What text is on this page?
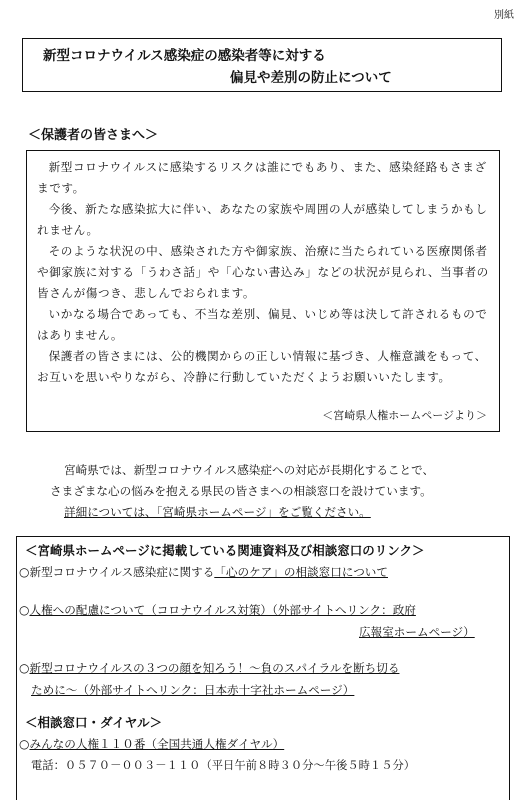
別紙
新型コロナウイルス感染症の感染者等に対する
偏見や差別の防止について
＜保護者の皆さまへ＞

新型コロナウイルスに感染するリスクは誰にでもあり、また、感染経路もさまざまです。

今後、新たな感染拡大に伴い、あなたの家族や周囲の人が感染してしまうかもしれません。

そのような状況の中、感染された方や御家族、治療に当たられている医療関係者や御家族に対する「うわさ話」や「心ない書込み」などの状況が見られ、当事者の皆さんが傷つき、悲しんでおられます。

いかなる場合であっても、不当な差別、偏見、いじめ等は決して許されるものではありません。

保護者の皆さまには、公的機関からの正しい情報に基づき、人権意識をもって、お互いを思いやりながら、冷静に行動していただくようお願いいたします。

＜宮崎県人権ホームページより＞
宮崎県では、新型コロナウイルス感染症への対応が長期化することで、
さまざまな心の悩みを抱える県民の皆さまへの相談窓口を設けています。
詳細については、「宮崎県ホームページ」をご覧ください。
＜宮崎県ホームページに掲載している関連資料及び相談窓口のリンク＞
○新型コロナウイルス感染症に関する「心のケア」の相談窓口について
○人権への配慮について（コロナウイルス対策）（外部サイトへリンク：政府
広報室ホームページ）
○新型コロナウイルスの３つの顔を知ろう！～負のスパイラルを断ち切る
ために～（外部サイトへリンク：日本赤十字社ホームページ）
＜相談窓口・ダイヤル＞
○みんなの人権１１０番（全国共通人権ダイヤル）
電話：０５７０－００３－１１０（平日午前８時３０分～午後５時１５分）
